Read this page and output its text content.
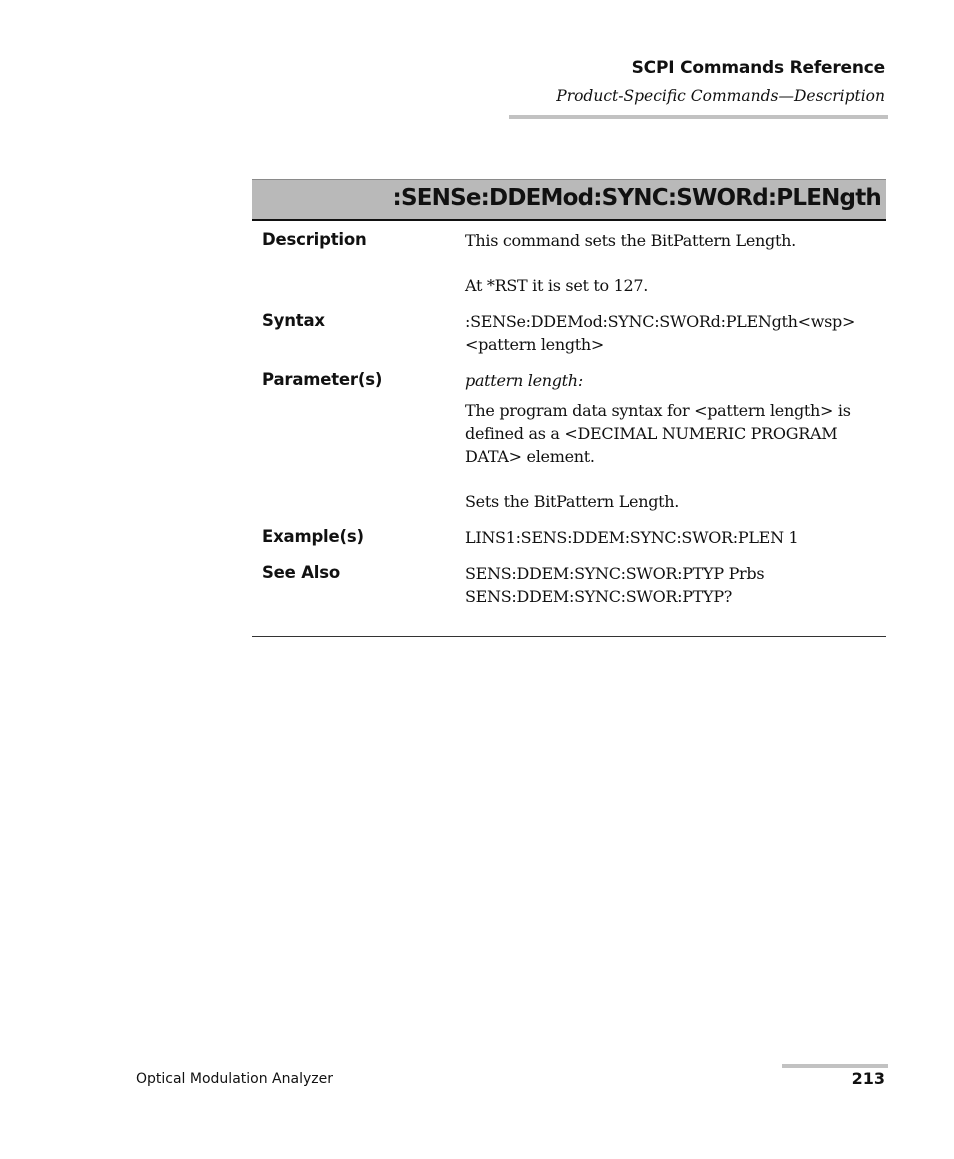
SCPI Commands Reference
Product-Specific Commands—Description
:SENSe:DDEMod:SYNC:SWORd:PLENgth
Description	This command sets the BitPattern Length.
At *RST it is set to 127.
Syntax	:SENSe:DDEMod:SYNC:SWORd:PLENgth<wsp>
<pattern length>
Parameter(s)	pattern length:
The program data syntax for <pattern length> is
defined as a <DECIMAL NUMERIC PROGRAM
DATA> element.
Sets the BitPattern Length.
Example(s)	LINS1:SENS:DDEM:SYNC:SWOR:PLEN 1
See Also	SENS:DDEM:SYNC:SWOR:PTYP Prbs
SENS:DDEM:SYNC:SWOR:PTYP?
Optical Modulation Analyzer	213
